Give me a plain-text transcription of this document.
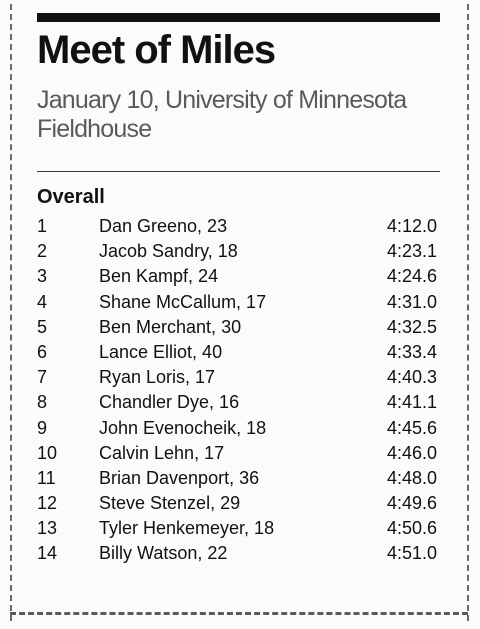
Meet of Miles
January 10, University of Minnesota Fieldhouse
Overall
1	Dan Greeno, 23	4:12.0
2	Jacob Sandry, 18	4:23.1
3	Ben Kampf, 24	4:24.6
4	Shane McCallum, 17	4:31.0
5	Ben Merchant, 30	4:32.5
6	Lance Elliot, 40	4:33.4
7	Ryan Loris, 17	4:40.3
8	Chandler Dye, 16	4:41.1
9	John Evenocheik, 18	4:45.6
10 Calvin Lehn, 17	4:46.0
11 Brian Davenport, 36	4:48.0
12 Steve Stenzel, 29	4:49.6
13 Tyler Henkemeyer, 18	4:50.6
14 Billy Watson, 22	4:51.0
